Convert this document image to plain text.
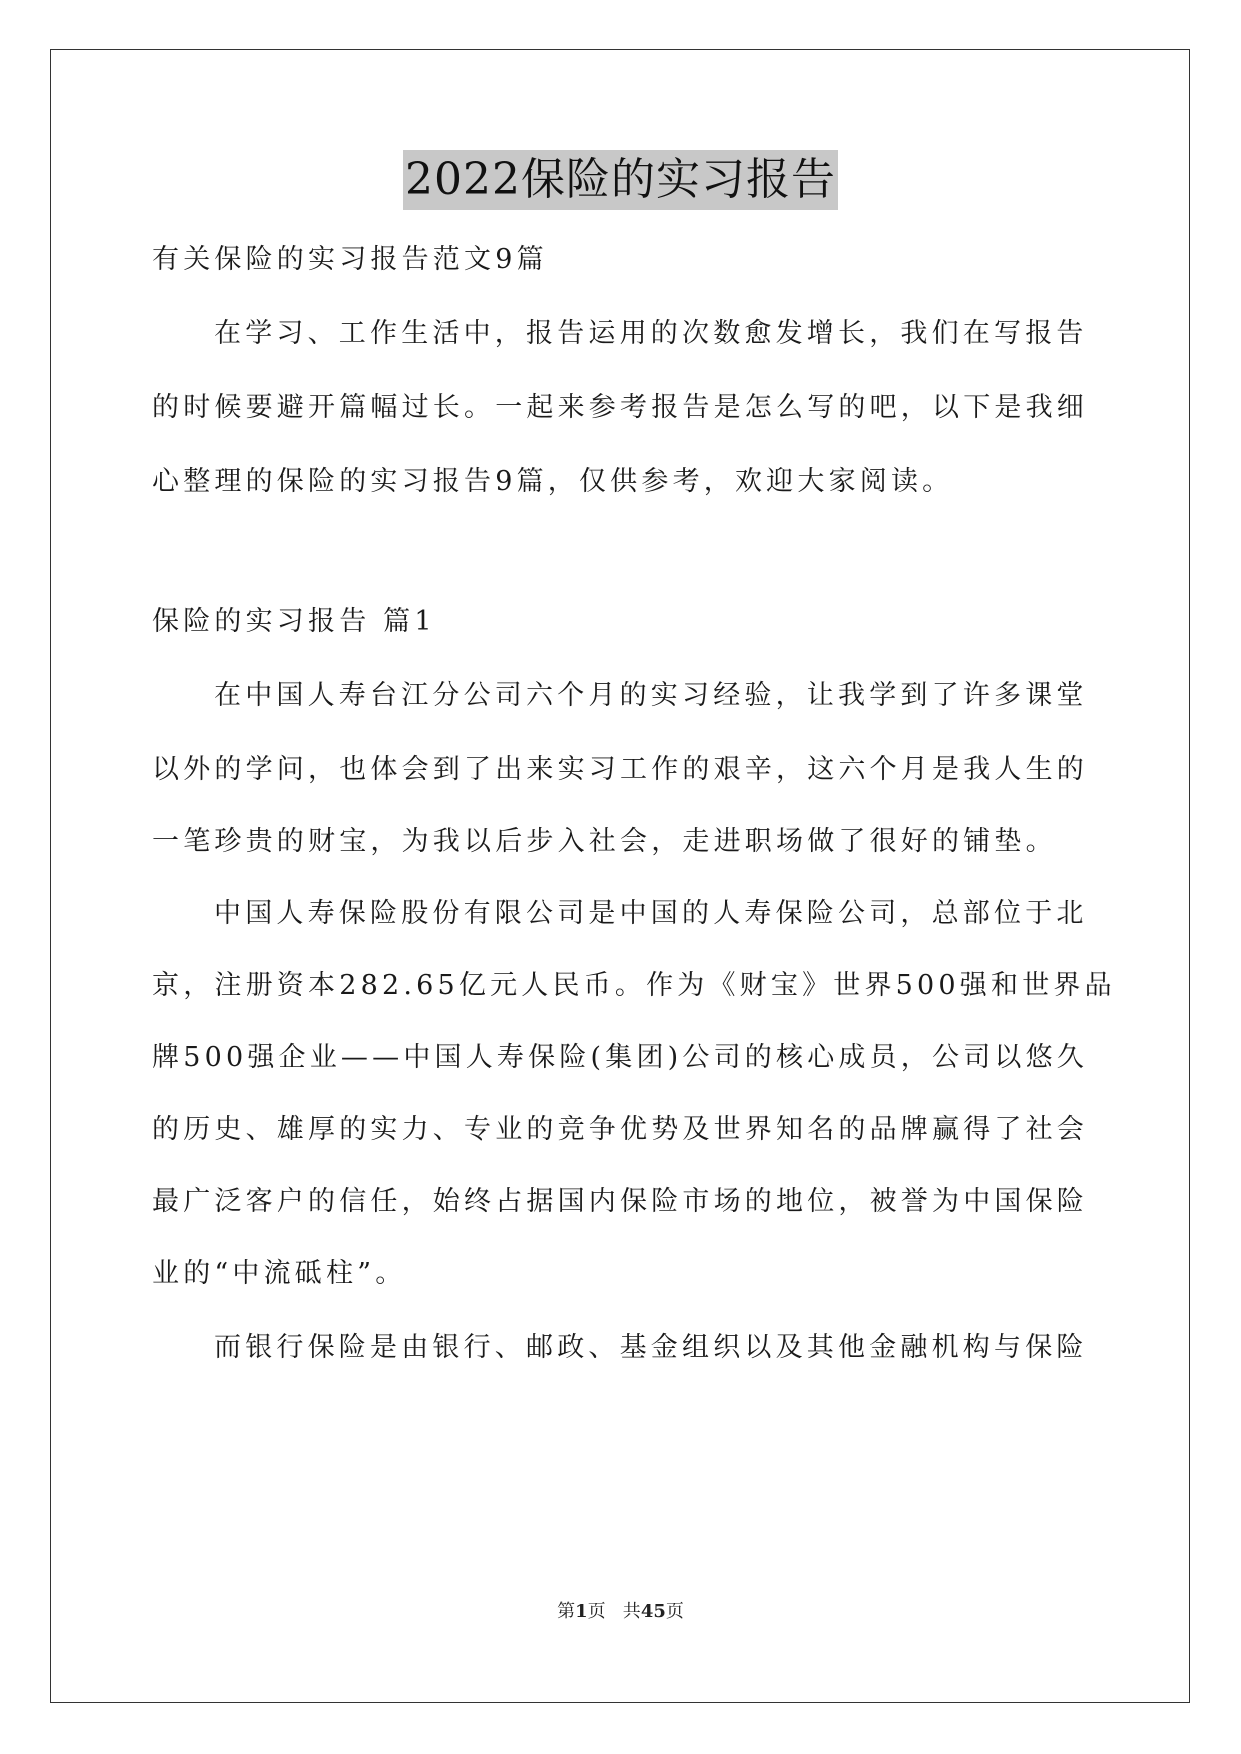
2022保险的实习报告
有关保险的实习报告范文9篇
在学习、工作生活中，报告运用的次数愈发增长，我们在写报告
的时候要避开篇幅过长。一起来参考报告是怎么写的吧，以下是我细
心整理的保险的实习报告9篇，仅供参考，欢迎大家阅读。
保险的实习报告 篇1
在中国人寿台江分公司六个月的实习经验，让我学到了许多课堂
以外的学问，也体会到了出来实习工作的艰辛，这六个月是我人生的
一笔珍贵的财宝，为我以后步入社会，走进职场做了很好的铺垫。
中国人寿保险股份有限公司是中国的人寿保险公司，总部位于北
京，注册资本282.65亿元人民币。作为《财宝》世界500强和世界品
牌500强企业——中国人寿保险(集团)公司的核心成员，公司以悠久
的历史、雄厚的实力、专业的竞争优势及世界知名的品牌赢得了社会
最广泛客户的信任，始终占据国内保险市场的地位，被誉为中国保险
业的“中流砥柱”。
而银行保险是由银行、邮政、基金组织以及其他金融机构与保险
第1页   共45页
